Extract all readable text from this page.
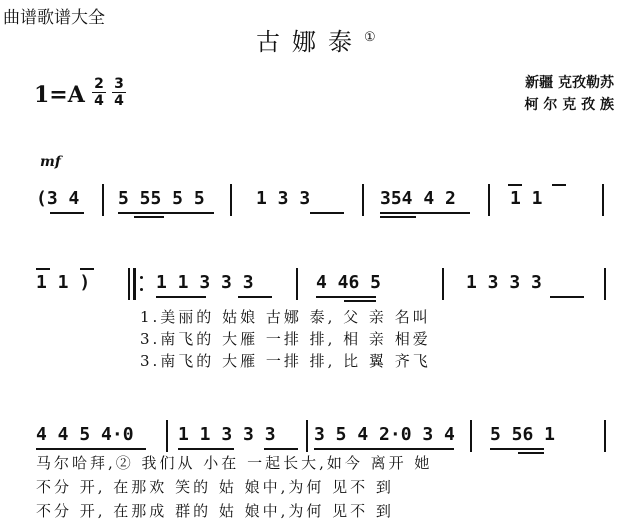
曲谱歌谱大全
古娜泰①
$1=A \frac{2}{4} \frac{3}{4}$	新疆 克孜勒苏
柯 尔 克 孜 族
mf
(3 4 5 55 5 5	1 3 3	354 4 2	1 1
1 1 )	1 1 3 3 3	4 46 5	1 3 3 3
1.美丽的 姑娘 古娜 泰, 父 亲 名叫
3.南飞的 大雁 一排 排, 相 亲 相爱
3.南飞的 大雁 一排 排, 比 翼 齐飞
4 4 5 4·0 1 1 3 3 3 3 5 4 2·0 3 4 5 56 1
马尔哈拜,② 我们从 小在 一起长大,如今 离开 她
不分 开, 在那欢 笑的 姑 娘中,为何 见不 到
不分 开, 在那成 群的 姑 娘中,为何 见不 到
